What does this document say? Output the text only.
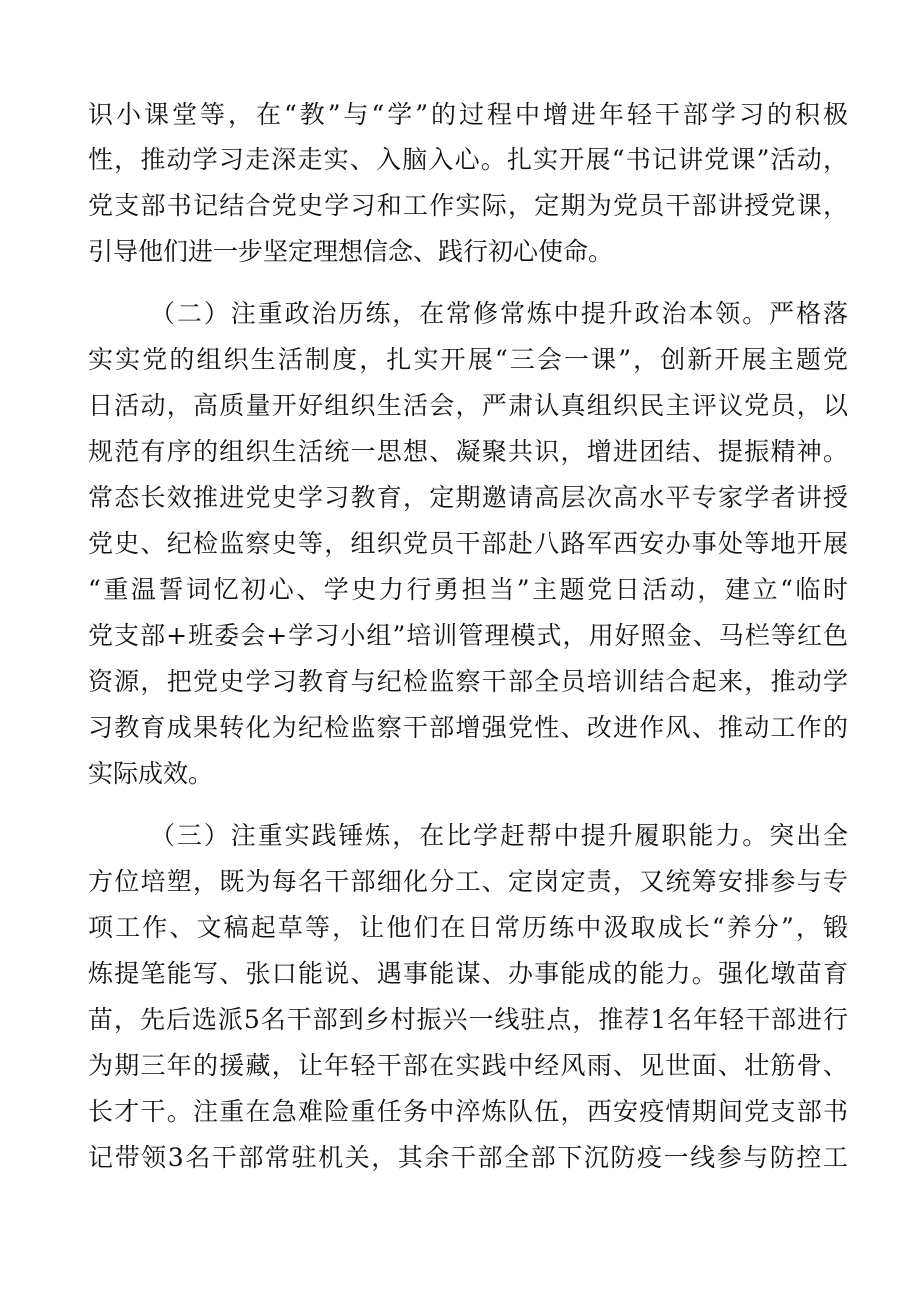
识小课堂等，在“教”与“学”的过程中增进年轻干部学习的积极
性，推动学习走深走实、入脑入心。扎实开展“书记讲党课”活动，
党支部书记结合党史学习和工作实际，定期为党员干部讲授党课，
引导他们进一步坚定理想信念、践行初心使命。
（二）注重政治历练，在常修常炼中提升政治本领。严格落
实实党的组织生活制度，扎实开展“三会一课”，创新开展主题党
日活动，高质量开好组织生活会，严肃认真组织民主评议党员，以
规范有序的组织生活统一思想、凝聚共识，增进团结、提振精神。
常态长效推进党史学习教育，定期邀请高层次高水平专家学者讲授
党史、纪检监察史等，组织党员干部赴八路军西安办事处等地开展
“重温誓词忆初心、学史力行勇担当”主题党日活动，建立“临时
党支部+班委会+学习小组”培训管理模式，用好照金、马栏等红色
资源，把党史学习教育与纪检监察干部全员培训结合起来，推动学
习教育成果转化为纪检监察干部增强党性、改进作风、推动工作的
实际成效。
（三）注重实践锤炼，在比学赶帮中提升履职能力。突出全
方位培塑，既为每名干部细化分工、定岗定责，又统筹安排参与专
项工作、文稿起草等，让他们在日常历练中汲取成长“养分”，锻
炼提笔能写、张口能说、遇事能谋、办事能成的能力。强化墩苗育
苗，先后选派5名干部到乡村振兴一线驻点，推荐1名年轻干部进行
为期三年的援藏，让年轻干部在实践中经风雨、见世面、壮筋骨、
长才干。注重在急难险重任务中淬炼队伍，西安疫情期间党支部书
记带领3名干部常驻机关，其余干部全部下沉防疫一线参与防控工
